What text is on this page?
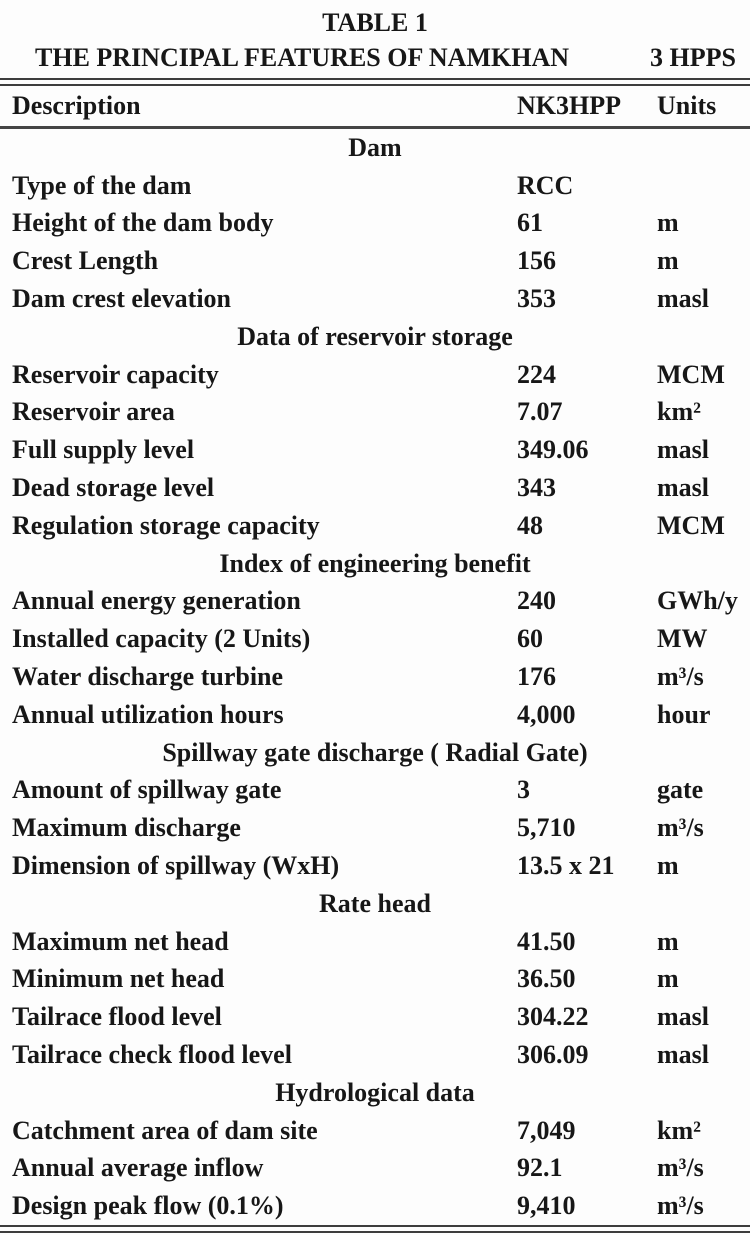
TABLE 1
THE PRINCIPAL FEATURES OF NAMKHAN	3 HPPS
Description	NK3HPP	Units
Dam
Type of the dam	RCC
Height of the dam body	61	m
Crest Length	156	m
Dam crest elevation	353	masl
Data of reservoir storage
Reservoir capacity	224	MCM
Reservoir area	7.07	km²
Full supply level	349.06	masl
Dead storage level	343	masl
Regulation storage capacity	48	MCM
Index of engineering benefit
Annual energy generation	240	GWh/y
Installed capacity (2 Units)	60	MW
Water discharge turbine	176	m³/s
Annual utilization hours	4,000	hour
Spillway gate discharge ( Radial Gate)
Amount of spillway gate	3	gate
Maximum discharge	5,710	m³/s
Dimension of spillway (WxH)	13.5 x 21	m
Rate head
Maximum net head	41.50	m
Minimum net head	36.50	m
Tailrace flood level	304.22	masl
Tailrace check flood level	306.09	masl
Hydrological data
Catchment area of dam site	7,049	km²
Annual average inflow	92.1	m³/s
Design peak flow (0.1%)	9,410	m³/s
